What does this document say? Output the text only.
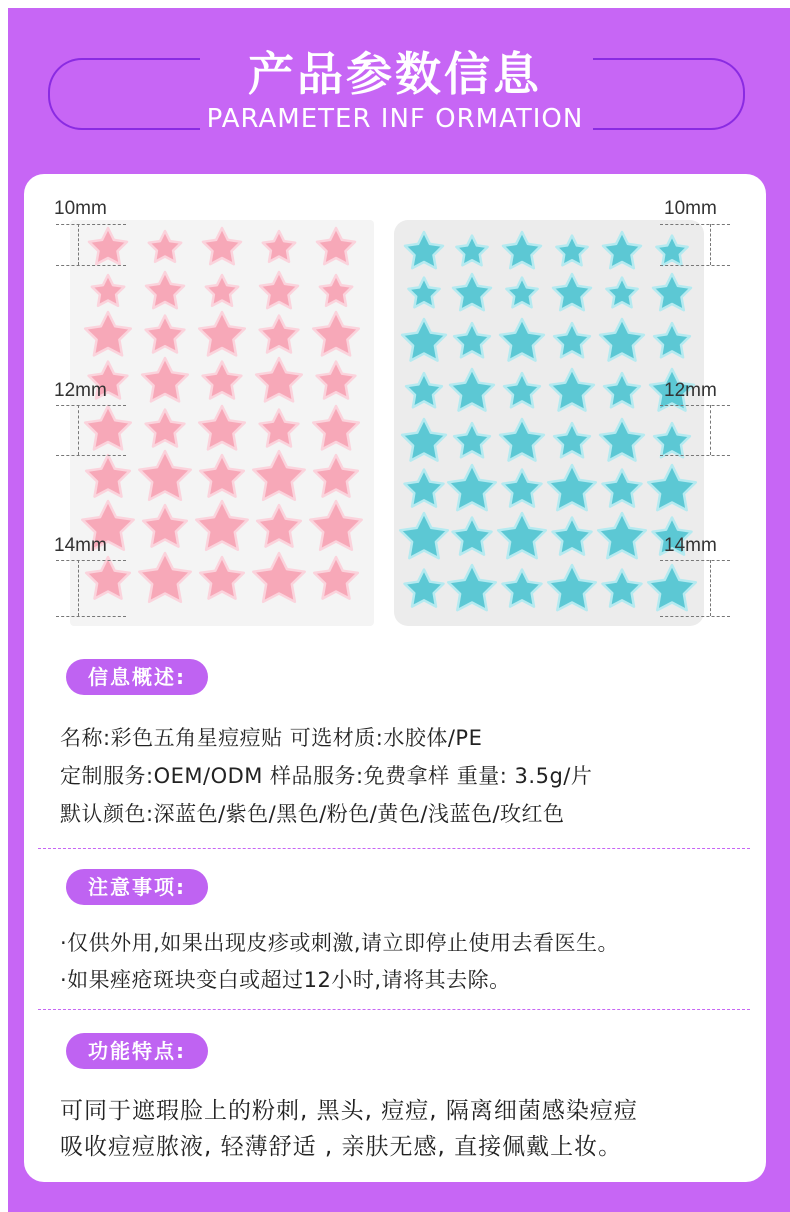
产品参数信息
PARAMETER INF ORMATION
10mm
12mm
14mm
10mm
12mm
14mm
信息概述:
名称:彩色五角星痘痘贴 可选材质:水胶体/PE
定制服务:OEM/ODM 样品服务:免费拿样 重量: 3.5g/片
默认颜色:深蓝色/紫色/黑色/粉色/黄色/浅蓝色/玫红色
注意事项:
·仅供外用,如果出现皮疹或刺激,请立即停止使用去看医生。
·如果痤疮斑块变白或超过12小时,请将其去除。
功能特点:
可同于遮瑕脸上的粉刺, 黑头, 痘痘, 隔离细菌感染痘痘
吸收痘痘脓液, 轻薄舒适 , 亲肤无感, 直接佩戴上妆。
